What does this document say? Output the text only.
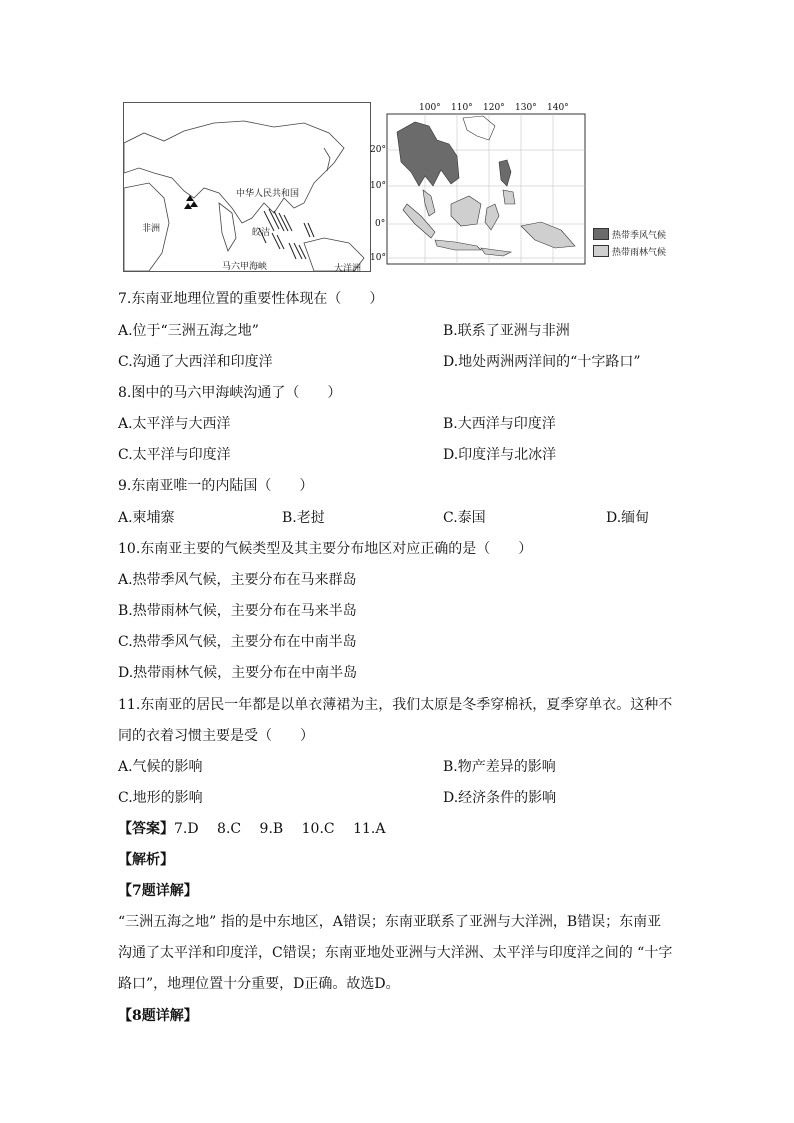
中华人民共和国
非洲	皎洁
马六甲海峡	大洋洲
100° 110° 120° 130° 140°
20°
10°
0°
10°
热带季风气候
热带雨林气候
7.东南亚地理位置的重要性体现在（　　）
A.位于“三洲五海之地”	B.联系了亚洲与非洲
C.沟通了大西洋和印度洋	D.地处两洲两洋间的“十字路口”
8.图中的马六甲海峡沟通了（　　）
A.太平洋与大西洋	B.大西洋与印度洋
C.太平洋与印度洋	D.印度洋与北冰洋
9.东南亚唯一的内陆国（　　）
A.柬埔寨	B.老挝	C.泰国	D.缅甸
10.东南亚主要的气候类型及其主要分布地区对应正确的是（　　）
A.热带季风气候，主要分布在马来群岛
B.热带雨林气候，主要分布在马来半岛
C.热带季风气候，主要分布在中南半岛
D.热带雨林气候，主要分布在中南半岛
11.东南亚的居民一年都是以单衣薄裙为主，我们太原是冬季穿棉袄，夏季穿单衣。这种不
同的衣着习惯主要是受（　　）
A.气候的影响	B.物产差异的影响
C.地形的影响	D.经济条件的影响
【答案】7.D　 8.C　 9.B　 10.C　 11.A
【解析】
【7题详解】
“三洲五海之地” 指的是中东地区，A错误；东南亚联系了亚洲与大洋洲，B错误；东南亚
沟通了太平洋和印度洋，C错误；东南亚地处亚洲与大洋洲、太平洋与印度洋之间的 “十字
路口”，地理位置十分重要，D正确。故选D。
【8题详解】
